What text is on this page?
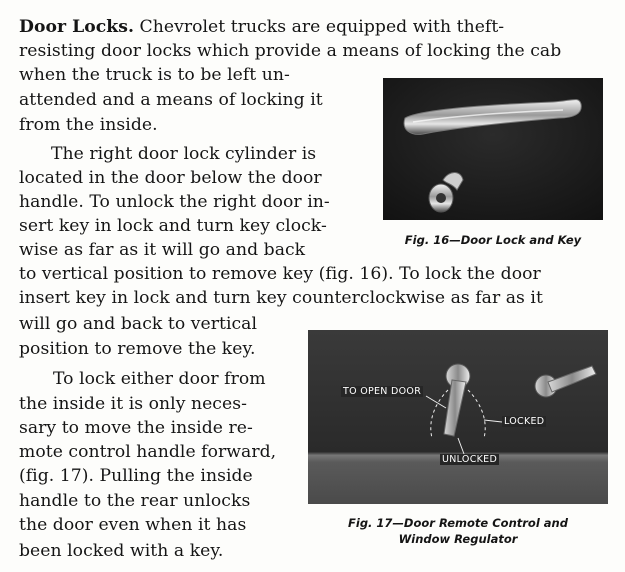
Door Locks. Chevrolet trucks are equipped with theft-
resisting door locks which provide a means of locking the cab
when the truck is to be left un-
attended and a means of locking it
from the inside.
The right door lock cylinder is
located in the door below the door
handle. To unlock the right door in-
sert key in lock and turn key clock-
wise as far as it will go and back
to vertical position to remove key (fig. 16). To lock the door
insert key in lock and turn key counterclockwise as far as it
will go and back to vertical
position to remove the key.
To lock either door from
the inside it is only neces-
sary to move the inside re-
mote control handle forward,
(fig. 17). Pulling the inside
handle to the rear unlocks
the door even when it has
been locked with a key.
Fig. 16—Door Lock and Key
TO OPEN DOOR
LOCKED
UNLOCKED
Fig. 17—Door Remote Control and
Window Regulator
